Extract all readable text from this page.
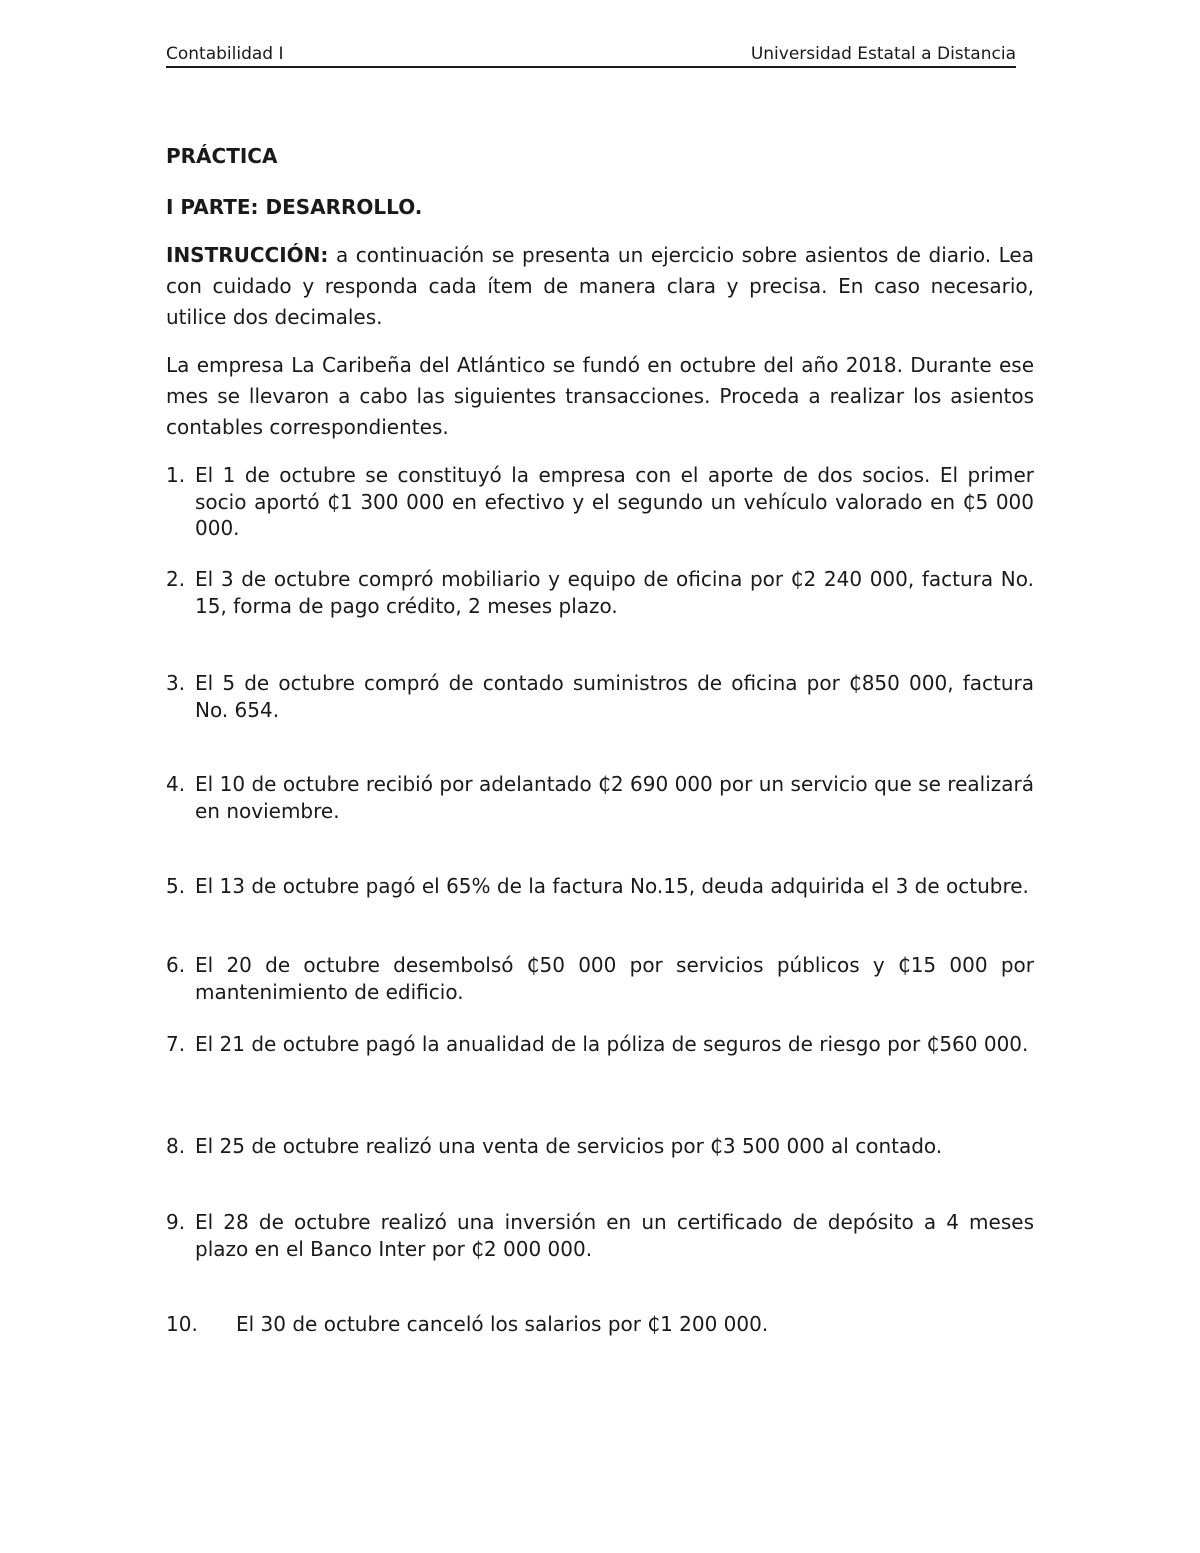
Contabilidad I	Universidad Estatal a Distancia
PRÁCTICA
I PARTE: DESARROLLO.
INSTRUCCIÓN: a continuación se presenta un ejercicio sobre asientos de diario. Lea con cuidado y responda cada ítem de manera clara y precisa. En caso necesario, utilice dos decimales.
La empresa La Caribeña del Atlántico se fundó en octubre del año 2018. Durante ese mes se llevaron a cabo las siguientes transacciones. Proceda a realizar los asientos contables correspondientes.
1. El 1 de octubre se constituyó la empresa con el aporte de dos socios. El primer socio aportó ₵1 300 000 en efectivo y el segundo un vehículo valorado en ₵5 000 000.
2. El 3 de octubre compró mobiliario y equipo de oficina por ₵2 240 000, factura No. 15, forma de pago crédito, 2 meses plazo.
3. El 5 de octubre compró de contado suministros de oficina por ₵850 000, factura No. 654.
4. El 10 de octubre recibió por adelantado ₵2 690 000 por un servicio que se realizará en noviembre.
5. El 13 de octubre pagó el 65% de la factura No.15, deuda adquirida el 3 de octubre.
6. El 20 de octubre desembolsó ₵50 000 por servicios públicos y ₵15 000 por mantenimiento de edificio.
7. El 21 de octubre pagó la anualidad de la póliza de seguros de riesgo por ₵560 000.
8. El 25 de octubre realizó una venta de servicios por ₵3 500 000 al contado.
9. El 28 de octubre realizó una inversión en un certificado de depósito a 4 meses plazo en el Banco Inter por ₵2 000 000.
10. El 30 de octubre canceló los salarios por ₵1 200 000.
